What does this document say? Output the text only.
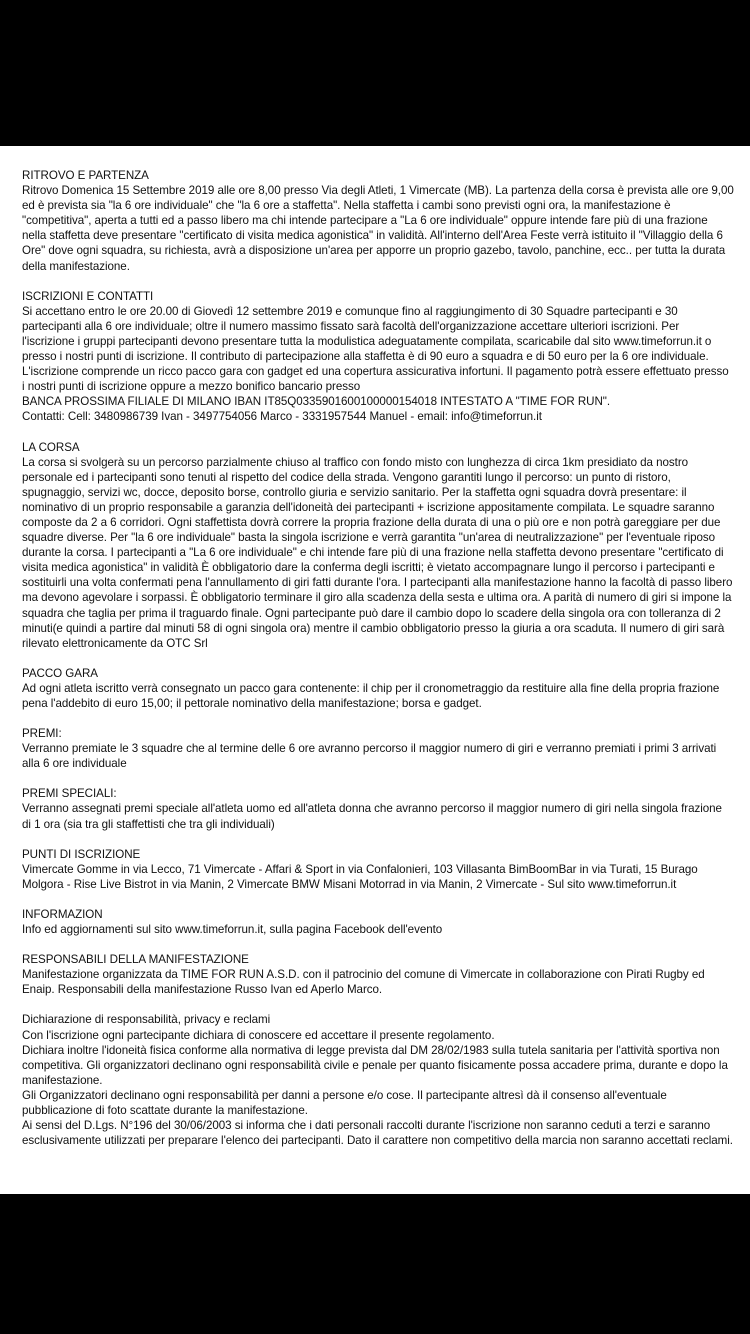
RITROVO E PARTENZA

Ritrovo Domenica 15 Settembre 2019 alle ore 8,00 presso Via degli Atleti, 1 Vimercate (MB). La partenza della corsa è prevista alle ore 9,00 ed è prevista sia "la 6 ore individuale" che "la 6 ore a staffetta". Nella staffetta i cambi sono previsti ogni ora, la manifestazione è "competitiva", aperta a tutti ed a passo libero ma chi intende partecipare a "La 6 ore individuale" oppure intende fare più di una frazione nella staffetta deve presentare "certificato di visita medica agonistica" in validità. All'interno dell'Area Feste verrà istituito il "Villaggio della 6 Ore" dove ogni squadra, su richiesta, avrà a disposizione un'area per apporre un proprio gazebo, tavolo, panchine, ecc.. per tutta la durata della manifestazione.

ISCRIZIONI E CONTATTI

Si accettano entro le ore 20.00 di Giovedì 12 settembre 2019 e comunque fino al raggiungimento di 30 Squadre partecipanti e 30 partecipanti alla 6 ore individuale; oltre il numero massimo fissato sarà facoltà dell'organizzazione accettare ulteriori iscrizioni. Per l'iscrizione i gruppi partecipanti devono presentare tutta la modulistica adeguatamente compilata, scaricabile dal sito www.timeforrun.it o presso i nostri punti di iscrizione. Il contributo di partecipazione alla staffetta è di 90 euro a squadra e di 50 euro per la 6 ore individuale. L'iscrizione comprende un ricco pacco gara con gadget ed una copertura assicurativa infortuni. Il pagamento potrà essere effettuato presso i nostri punti di iscrizione oppure a mezzo bonifico bancario presso

BANCA PROSSIMA FILIALE DI MILANO IBAN IT85Q0335901600100000154018 INTESTATO A "TIME FOR RUN".

Contatti: Cell: 3480986739 Ivan - 3497754056 Marco - 3331957544 Manuel - email: info@timeforrun.it

LA CORSA

La corsa si svolgerà su un percorso parzialmente chiuso al traffico con fondo misto con lunghezza di circa 1km presidiato da nostro personale ed i partecipanti sono tenuti al rispetto del codice della strada. Vengono garantiti lungo il percorso: un punto di ristoro, spugnaggio, servizi wc, docce, deposito borse, controllo giuria e servizio sanitario. Per la staffetta ogni squadra dovrà presentare: il nominativo di un proprio responsabile a garanzia dell'idoneità dei partecipanti + iscrizione appositamente compilata. Le squadre saranno composte da 2 a 6 corridori. Ogni staffettista dovrà correre la propria frazione della durata di una o più ore e non potrà gareggiare per due squadre diverse. Per "la 6 ore individuale" basta la singola iscrizione e verrà garantita "un'area di neutralizzazione" per l'eventuale riposo durante la corsa. I partecipanti a "La 6 ore individuale" e chi intende fare più di una frazione nella staffetta devono presentare "certificato di visita medica agonistica" in validità È obbligatorio dare la conferma degli iscritti; è vietato accompagnare lungo il percorso i partecipanti e sostituirli una volta confermati pena l'annullamento di giri fatti durante l'ora. I partecipanti alla manifestazione hanno la facoltà di passo libero ma devono agevolare i sorpassi. È obbligatorio terminare il giro alla scadenza della sesta e ultima ora. A parità di numero di giri si impone la squadra che taglia per prima il traguardo finale. Ogni partecipante può dare il cambio dopo lo scadere della singola ora con tolleranza di 2 minuti(e quindi a partire dal minuti 58 di ogni singola ora) mentre il cambio obbligatorio presso la giuria a ora scaduta. Il numero di giri sarà rilevato elettronicamente da OTC Srl

PACCO GARA

Ad ogni atleta iscritto verrà consegnato un pacco gara contenente: il chip per il cronometraggio da restituire alla fine della propria frazione pena l'addebito di euro 15,00; il pettorale nominativo della manifestazione; borsa e gadget.

PREMI:

Verranno premiate le 3 squadre che al termine delle 6 ore avranno percorso il maggior numero di giri e verranno premiati i primi 3 arrivati alla 6 ore individuale

PREMI SPECIALI:

Verranno assegnati premi speciale all'atleta uomo ed all'atleta donna che avranno percorso il maggior numero di giri nella singola frazione di 1 ora (sia tra gli staffettisti che tra gli individuali)

PUNTI DI ISCRIZIONE

Vimercate Gomme in via Lecco, 71 Vimercate - Affari & Sport in via Confalonieri, 103 Villasanta BimBoomBar in via Turati, 15 Burago Molgora - Rise Live Bistrot in via Manin, 2 Vimercate BMW Misani Motorrad in via Manin, 2 Vimercate - Sul sito www.timeforrun.it

INFORMAZION

Info ed aggiornamenti sul sito www.timeforrun.it, sulla pagina Facebook dell'evento

RESPONSABILI DELLA MANIFESTAZIONE

Manifestazione organizzata da TIME FOR RUN A.S.D. con il patrocinio del comune di Vimercate in collaborazione con Pirati Rugby ed Enaip. Responsabili della manifestazione Russo Ivan ed Aperlo Marco.

Dichiarazione di responsabilità, privacy e reclami

Con l'iscrizione ogni partecipante dichiara di conoscere ed accettare il presente regolamento.

Dichiara inoltre l'idoneità fisica conforme alla normativa di legge prevista dal DM 28/02/1983 sulla tutela sanitaria per l'attività sportiva non competitiva. Gli organizzatori declinano ogni responsabilità civile e penale per quanto fisicamente possa accadere prima, durante e dopo la manifestazione.

Gli Organizzatori declinano ogni responsabilità per danni a persone e/o cose. Il partecipante altresì dà il consenso all'eventuale pubblicazione di foto scattate durante la manifestazione.

Ai sensi del D.Lgs. N°196 del 30/06/2003 si informa che i dati personali raccolti durante l'iscrizione non saranno ceduti a terzi e saranno esclusivamente utilizzati per preparare l'elenco dei partecipanti. Dato il carattere non competitivo della marcia non saranno accettati reclami.
